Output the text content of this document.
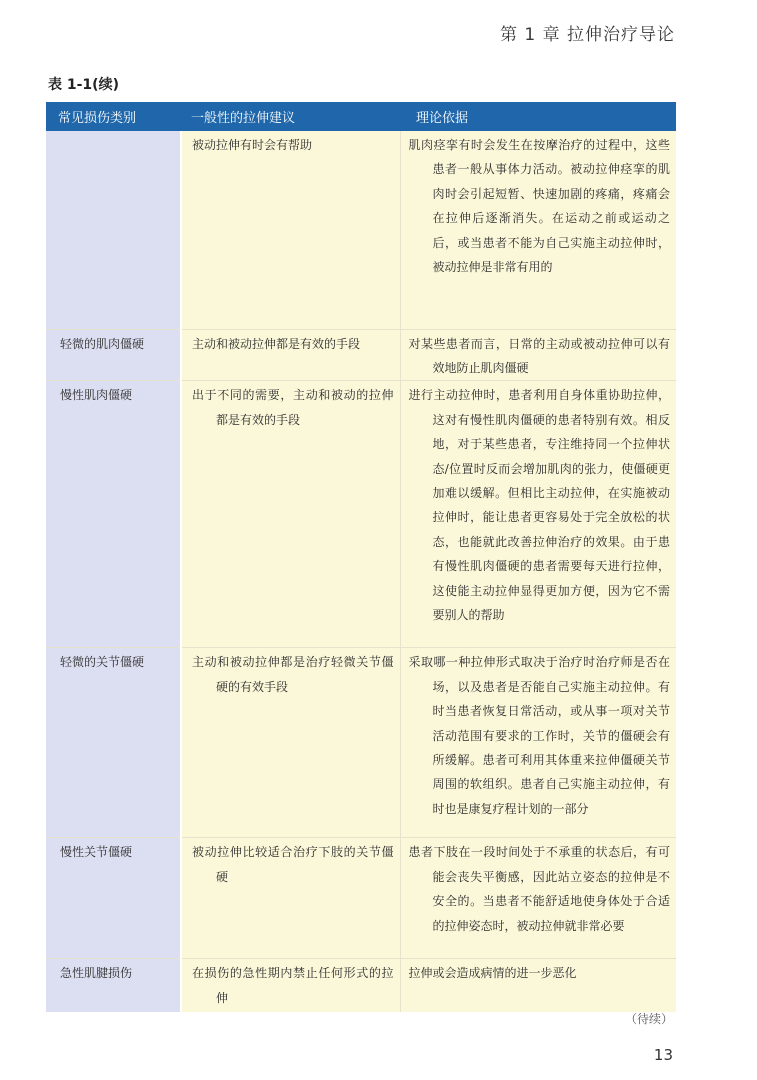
第 1 章 拉伸治疗导论
表 1-1(续)
常见损伤类别	一般性的拉伸建议	理论依据

	被动拉伸有时会有帮助	肌肉痉挛有时会发生在按摩治疗的过程中，这些患者一般从事体力活动。被动拉伸痉挛的肌肉时会引起短暂、快速加剧的疼痛，疼痛会在拉伸后逐渐消失。在运动之前或运动之后，或当患者不能为自己实施主动拉伸时，被动拉伸是非常有用的

轻微的肌肉僵硬	主动和被动拉伸都是有效的手段	对某些患者而言，日常的主动或被动拉伸可以有效地防止肌肉僵硬

慢性肌肉僵硬	出于不同的需要，主动和被动的拉伸都是有效的手段	进行主动拉伸时，患者利用自身体重协助拉伸，这对有慢性肌肉僵硬的患者特别有效。相反地，对于某些患者，专注维持同一个拉伸状态/位置时反而会增加肌肉的张力，使僵硬更加难以缓解。但相比主动拉伸，在实施被动拉伸时，能让患者更容易处于完全放松的状态，也能就此改善拉伸治疗的效果。由于患有慢性肌肉僵硬的患者需要每天进行拉伸，这使能主动拉伸显得更加方便，因为它不需要别人的帮助

轻微的关节僵硬	主动和被动拉伸都是治疗轻微关节僵硬的有效手段	采取哪一种拉伸形式取决于治疗时治疗师是否在场，以及患者是否能自己实施主动拉伸。有时当患者恢复日常活动，或从事一项对关节活动范围有要求的工作时，关节的僵硬会有所缓解。患者可利用其体重来拉伸僵硬关节周围的软组织。患者自己实施主动拉伸，有时也是康复疗程计划的一部分

慢性关节僵硬	被动拉伸比较适合治疗下肢的关节僵硬	患者下肢在一段时间处于不承重的状态后，有可能会丧失平衡感，因此站立姿态的拉伸是不安全的。当患者不能舒适地使身体处于合适的拉伸姿态时，被动拉伸就非常必要

急性肌腱损伤	在损伤的急性期内禁止任何形式的拉伸	拉伸或会造成病情的进一步恶化
（待续）
13
